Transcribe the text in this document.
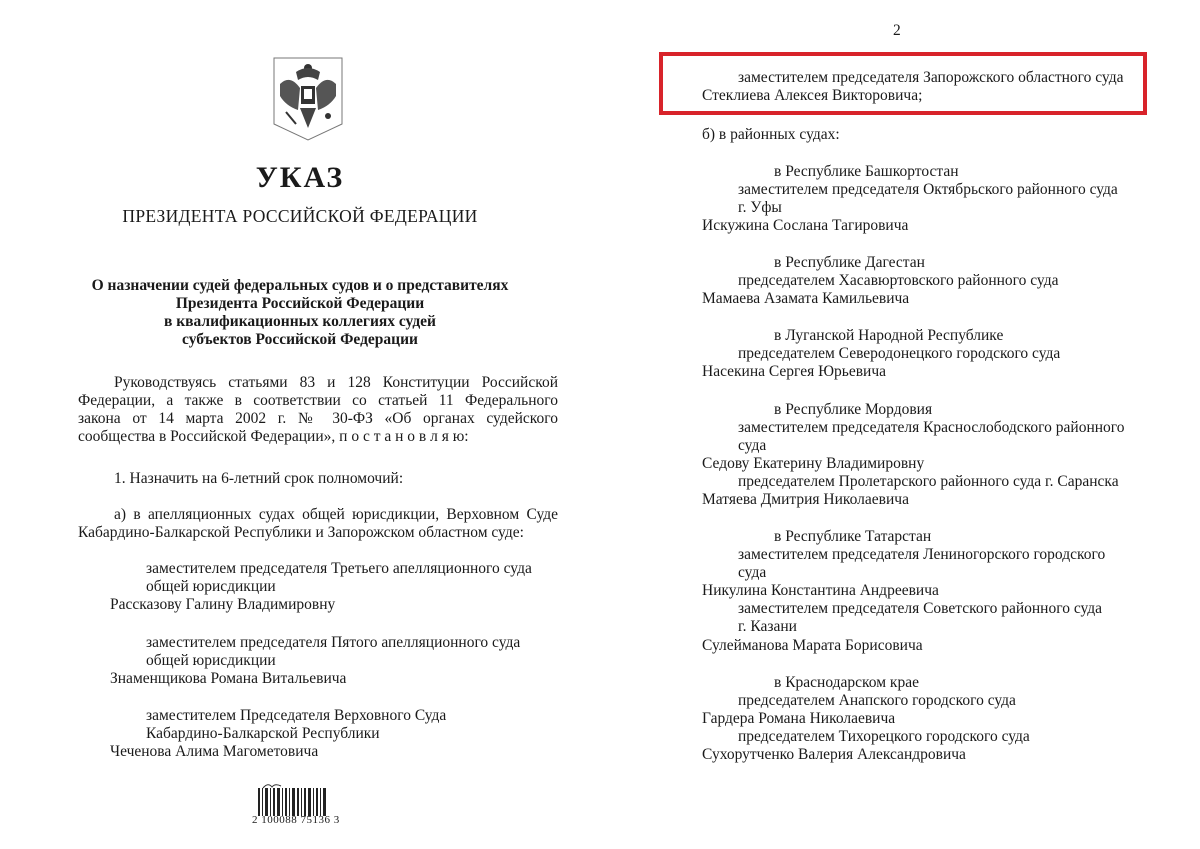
УКАЗ
ПРЕЗИДЕНТА РОССИЙСКОЙ ФЕДЕРАЦИИ
О назначении судей федеральных судов и о представителях
Президента Российской Федерации
в квалификационных коллегиях судей
субъектов Российской Федерации
Руководствуясь статьями 83 и 128 Конституции Российской
Федерации, а также в соответствии со статьей 11 Федерального
закона от 14 марта 2002 г. № 30-ФЗ «Об органах судейского
сообщества в Российской Федерации», п о с т а н о в л я ю:
1. Назначить на 6-летний срок полномочий:
а) в апелляционных судах общей юрисдикции, Верховном Суде
Кабардино-Балкарской Республики и Запорожском областном суде:
заместителем председателя Третьего апелляционного суда
общей юрисдикции
Рассказову Галину Владимировну
заместителем председателя Пятого апелляционного суда
общей юрисдикции
Знаменщикова Романа Витальевича
заместителем Председателя Верховного Суда
Кабардино-Балкарской Республики
Чеченова Алима Магометовича
2 100088 75136 3
2
заместителем председателя Запорожского областного суда
Стеклиева Алексея Викторовича;
б) в районных судах:
в Республике Башкортостан
заместителем председателя Октябрьского районного суда
г. Уфы
Искужина Сослана Тагировича
в Республике Дагестан
председателем Хасавюртовского районного суда
Мамаева Азамата Камильевича
в Луганской Народной Республике
председателем Северодонецкого городского суда
Насекина Сергея Юрьевича
в Республике Мордовия
заместителем председателя Краснослободского районного
суда
Седову Екатерину Владимировну
председателем Пролетарского районного суда г. Саранска
Матяева Дмитрия Николаевича
в Республике Татарстан
заместителем председателя Лениногорского городского
суда
Никулина Константина Андреевича
заместителем председателя Советского районного суда
г. Казани
Сулейманова Марата Борисовича
в Краснодарском крае
председателем Анапского городского суда
Гардера Романа Николаевича
председателем Тихорецкого городского суда
Сухорутченко Валерия Александровича
